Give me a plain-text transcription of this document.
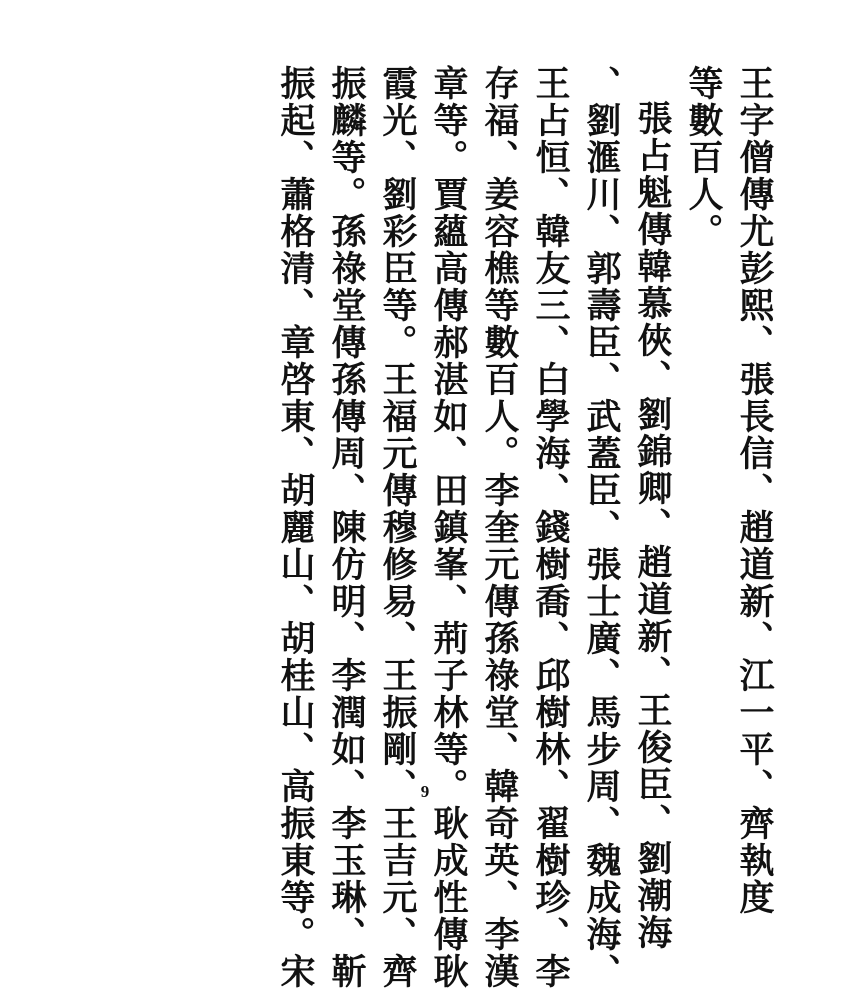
王字僧傳尤彭熙、張長信、趙道新、江一平、齊執度
等數百人。
張占魁傳韓慕俠、劉錦卿、趙道新、王俊臣、劉潮海
、劉滙川、郭壽臣、武蓋臣、張士廣、馬步周、魏成海、
王占恒、韓友三、白學海、錢樹喬、邱樹林、翟樹珍、李
存福、姜容樵等數百人。李奎元傳孫祿堂、韓奇英、李漢
章等。賈蘊高傳郝湛如、田鎮峯、荊子林等。耿成性傳耿
霞光、劉彩臣等。王福元傳穆修易、王振剛、王吉元、齊
振麟等。孫祿堂傳孫傳周、陳仿明、李潤如、李玉琳、靳
振起、蕭格清、章啓東、胡麗山、胡桂山、高振東等。宋	9
